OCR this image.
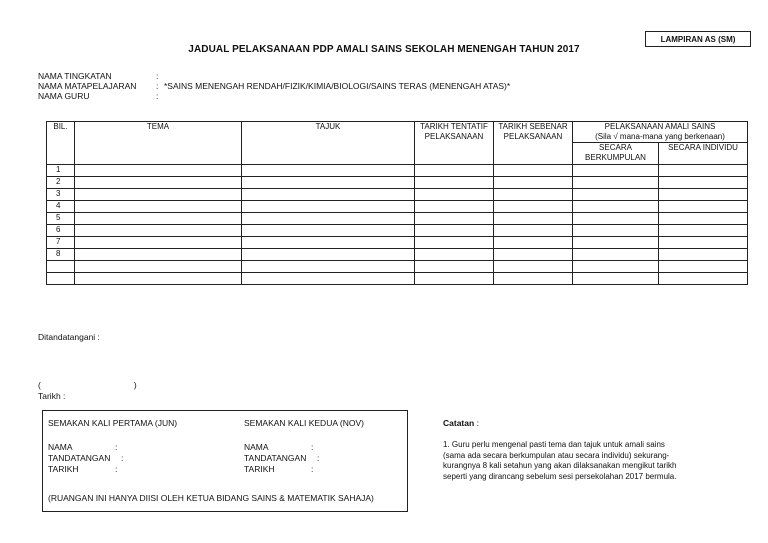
LAMPIRAN AS (SM)
JADUAL PELAKSANAAN PDP AMALI SAINS SEKOLAH MENENGAH TAHUN 2017
NAMA TINGKATAN	:
NAMA MATAPELAJARAN	: *SAINS MENENGAH RENDAH/FIZIK/KIMIA/BIOLOGI/SAINS TERAS (MENENGAH ATAS)*
NAMA GURU	:
BIL.	TEMA	TAJUK	TARIKH TENTATIF PELAKSANAAN	TARIKH SEBENAR PELAKSANAAN	PELAKSANAAN AMALI SAINS	
					(Sila √ mana-mana yang berkenaan)	
					SECARA BERKUMPULAN	SECARA INDIVIDU
1						
2						
3						
4						
5						
6						
7						
8						

Ditandatangani :
(	)
Tarikh :
SEMAKAN KALI PERTAMA (JUN)	SEMAKAN KALI KEDUA (NOV)
NAMA	:
TANDATANGAN :
TARIKH	:
NAMA	:
TANDATANGAN :
TARIKH	:
(RUANGAN INI HANYA DIISI OLEH KETUA BIDANG SAINS & MATEMATIK SAHAJA)
Catatan :
1. Guru perlu mengenal pasti tema dan tajuk untuk amali sains
(sama ada secara berkumpulan atau secara individu) sekurang-
kurangnya 8 kali setahun yang akan dilaksanakan mengikut tarikh
seperti yang dirancang sebelum sesi persekolahan 2017 bermula.
